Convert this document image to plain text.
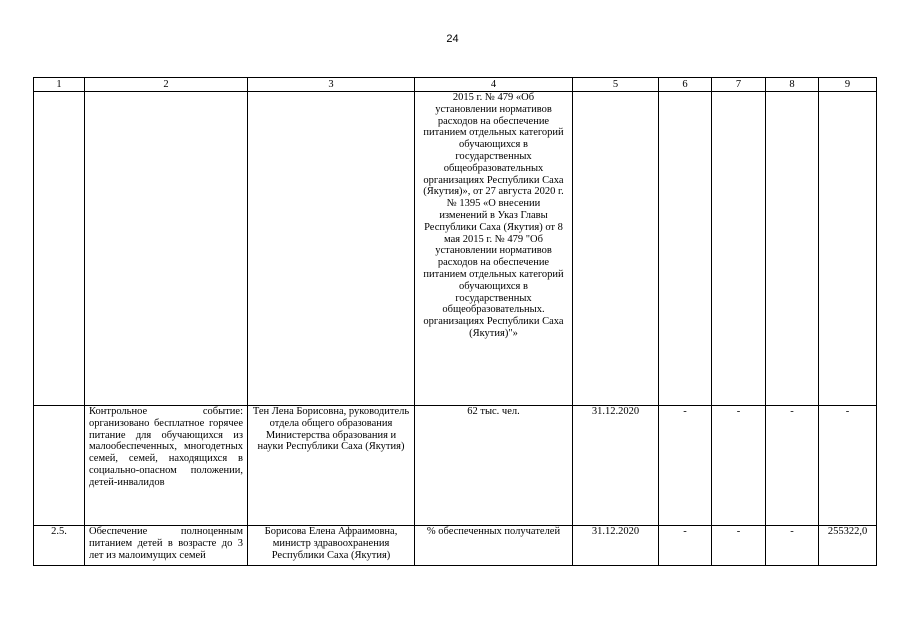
24
1	2	3	4	5	6	7	8	9
			2015 г. № 479 «Об установлении нормативов расходов на обеспечение питанием отдельных категорий обучающихся в государственных общеобразовательных организациях Республики Саха (Якутия)», от 27 августа 2020 г. № 1395 «О внесении изменений в Указ Главы Республики Саха (Якутия) от 8 мая 2015 г. № 479 "Об установлении нормативов расходов на обеспечение питанием отдельных категорий обучающихся в государственных общеобразовательных. организациях Республики Саха (Якутия)"»					
	Контрольное событие: организовано бесплатное горячее питание для обучающихся из малообеспеченных, многодетных семей, семей, находящихся в социально-опасном положении, детей-инвалидов	Тен Лена Борисовна, руководитель отдела общего образования Министерства образования и науки Республики Саха (Якутия)	62 тыс. чел.	31.12.2020	-	-	-	-
2.5.	Обеспечение полноценным питанием детей в возрасте до 3 лет из малоимущих семей	Борисова Елена Афраимовна, министр здравоохранения Республики Саха (Якутия)	% обеспеченных получателей	31.12.2020	-	-	-	255322,0
